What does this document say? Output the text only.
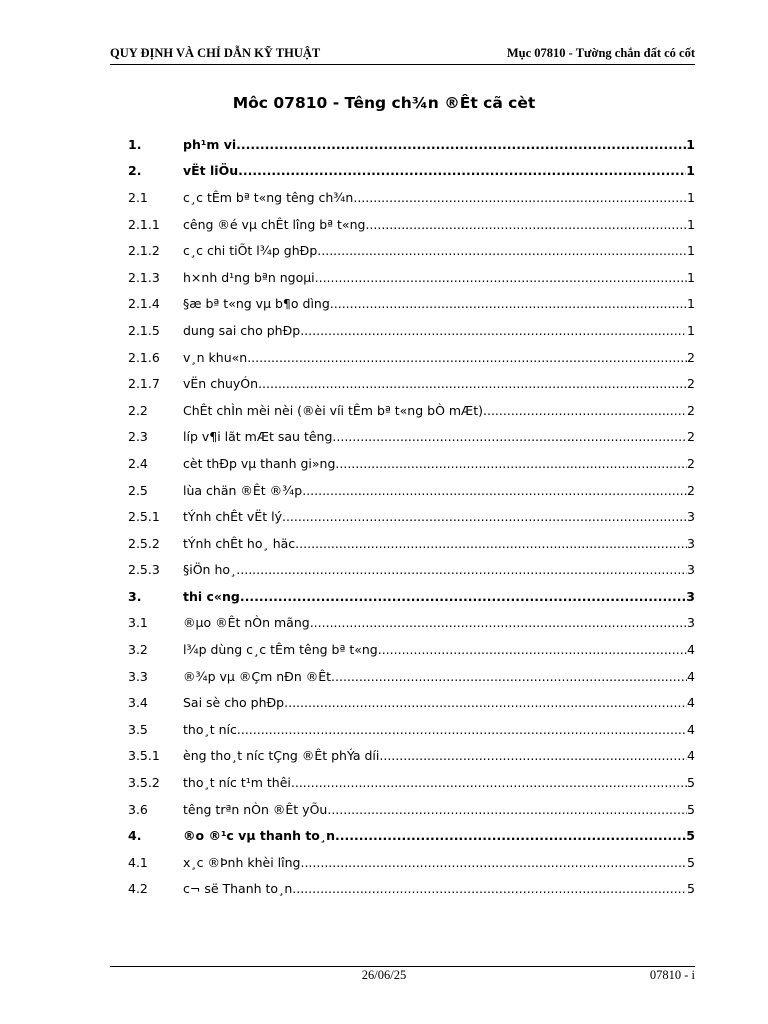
QUY ĐỊNH VÀ CHỈ DẪN KỸ THUẬT	Mục 07810 - Tường chắn đất có cốt
Môc 07810 - Têng ch¾n ®Êt cã cèt
1.	ph¹m vi .....	1
2.	vËt liÖu .....	1
2.1	c¸c tÊm bª t«ng têng ch¾n .....	1
2.1.1	cêng ®é vµ chÊt lîng bª t«ng .....	1
2.1.2	c¸c chi tiÕt l¾p ghÐp .....	1
2.1.3	h×nh d¹ng bªn ngoµi .....	1
2.1.4	§æ bª t«ng vµ b¶o dìng .....	1
2.1.5	dung sai cho phÐp .....	1
2.1.6	v¸n khu«n .....	2
2.1.7	vËn chuyÓn .....	2
2.2	ChÊt chÌn mèi nèi (®èi víi tÊm bª t«ng bÒ mÆt) .....	2
2.3	líp v¶i lãt mÆt sau têng .....	2
2.4	cèt thÐp vµ thanh gi»ng .....	2
2.5	lùa chän ®Êt ®¾p .....	2
2.5.1	tÝnh chÊt vËt lý .....	3
2.5.2	tÝnh chÊt ho¸ häc .....	3
2.5.3	§iÖn ho¸ .....	3
3.	thi c«ng .....	3
3.1	®µo ®Êt nÒn mãng .....	3
3.2	l¾p dùng c¸c tÊm têng bª t«ng .....	4
3.3	®¾p vµ ®Çm nÐn ®Êt .....	4
3.4	Sai sè cho phÐp .....	4
3.5	tho¸t níc .....	4
3.5.1	èng tho¸t níc tÇng ®Êt phÝa díi .....	4
3.5.2	tho¸t níc t¹m thêi .....	5
3.6	têng trªn nÒn ®Êt yÕu .....	5
4.	®o ®¹c vµ thanh to¸n .....	5
4.1	x¸c ®Þnh khèi lîng .....	5
4.2	c¬ së Thanh to¸n .....	5
26/06/25	07810 - i
